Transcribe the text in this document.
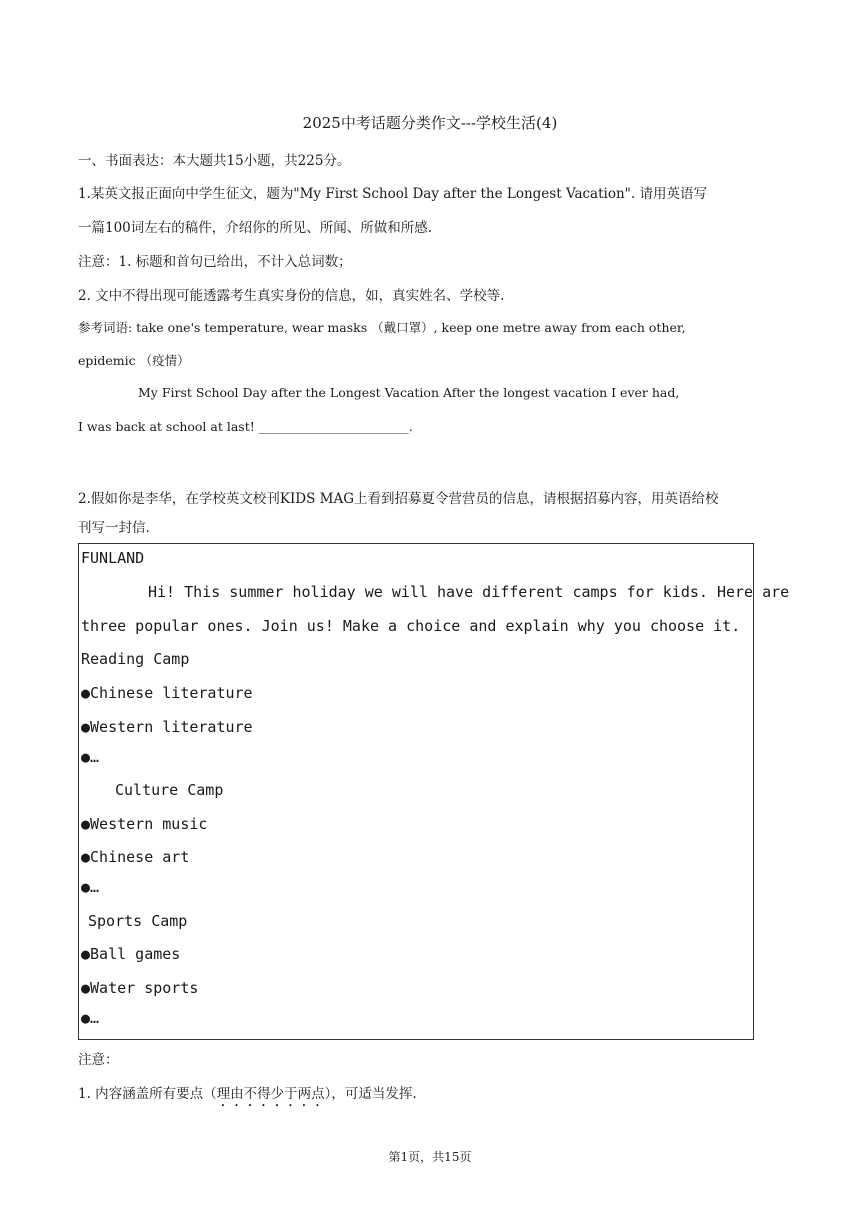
2025中考话题分类作文---学校生活(4)
一、书面表达：本大题共15小题，共225分。
1.某英文报正面向中学生征文，题为"My First School Day after the Longest Vacation". 请用英语写
一篇100词左右的稿件，介绍你的所见、所闻、所做和所感.
注意：1. 标题和首句已给出，不计入总词数；
2. 文中不得出现可能透露考生真实身份的信息，如，真实姓名、学校等.
参考词语: take one's temperature, wear masks （戴口罩）, keep one metre away from each other,
epidemic （疫情）
My First School Day after the Longest Vacation After the longest vacation I ever had,
I was back at school at last! ________________________.
2.假如你是李华，在学校英文校刊KIDS MAG上看到招募夏令营营员的信息，请根据招募内容，用英语给校
刊写一封信.
FUNLAND
Hi! This summer holiday we will have different camps for kids. Here are
three popular ones. Join us! Make a choice and explain why you choose it.
Reading Camp
●Chinese literature
●Western literature
●…
Culture Camp
●Western music
●Chinese art
●…
Sports Camp
●Ball games
●Water sports
●…
注意：
1. 内容涵盖所有要点（理由不得少于两点），可适当发挥.
第1页，共15页
